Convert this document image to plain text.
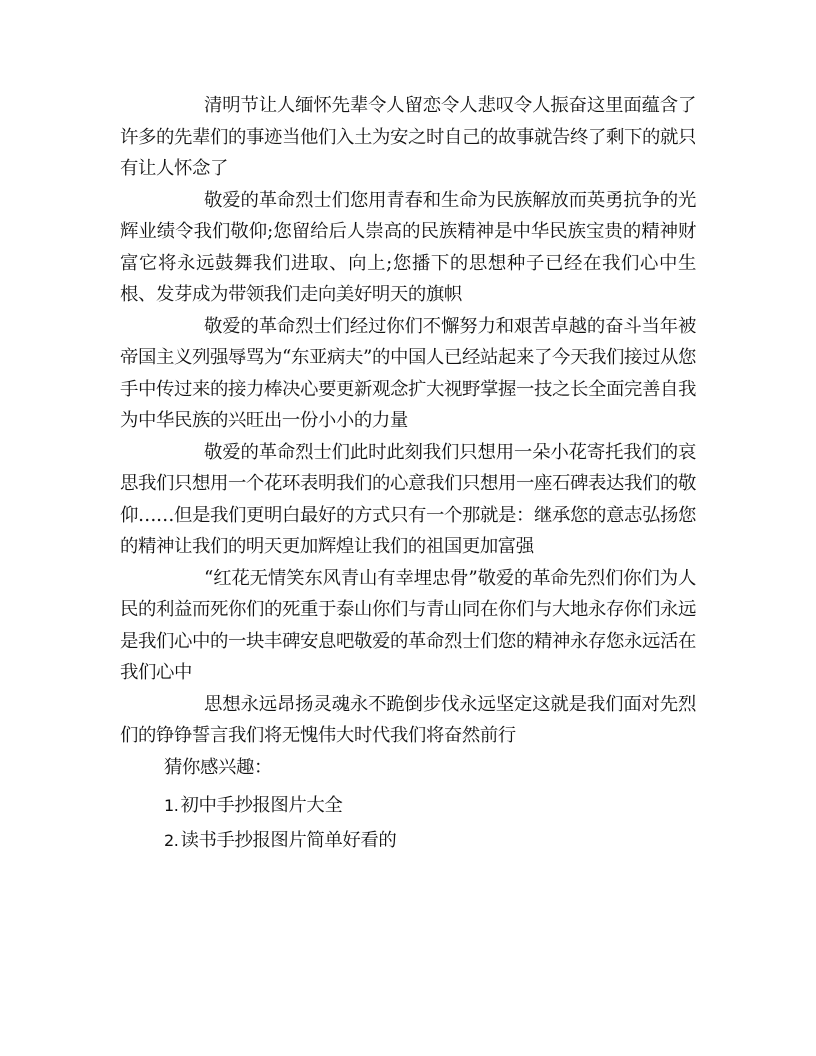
清明节让人缅怀先辈令人留恋令人悲叹令人振奋这里面蕴含了许多的先辈们的事迹当他们入土为安之时自己的故事就告终了剩下的就只有让人怀念了

敬爱的革命烈士们您用青春和生命为民族解放而英勇抗争的光辉业绩令我们敬仰;您留给后人崇高的民族精神是中华民族宝贵的精神财富它将永远鼓舞我们进取、向上;您播下的思想种子已经在我们心中生根、发芽成为带领我们走向美好明天的旗帜

敬爱的革命烈士们经过你们不懈努力和艰苦卓越的奋斗当年被帝国主义列强辱骂为“东亚病夫”的中国人已经站起来了今天我们接过从您手中传过来的接力棒决心要更新观念扩大视野掌握一技之长全面完善自我为中华民族的兴旺出一份小小的力量

敬爱的革命烈士们此时此刻我们只想用一朵小花寄托我们的哀思我们只想用一个花环表明我们的心意我们只想用一座石碑表达我们的敬仰……但是我们更明白最好的方式只有一个那就是：继承您的意志弘扬您的精神让我们的明天更加辉煌让我们的祖国更加富强

“红花无情笑东风青山有幸埋忠骨”敬爱的革命先烈们你们为人民的利益而死你们的死重于泰山你们与青山同在你们与大地永存你们永远是我们心中的一块丰碑安息吧敬爱的革命烈士们您的精神永存您永远活在我们心中

思想永远昂扬灵魂永不跪倒步伐永远坚定这就是我们面对先烈们的铮铮誓言我们将无愧伟大时代我们将奋然前行

猜你感兴趣：

1. 初中手抄报图片大全
2. 读书手抄报图片简单好看的
